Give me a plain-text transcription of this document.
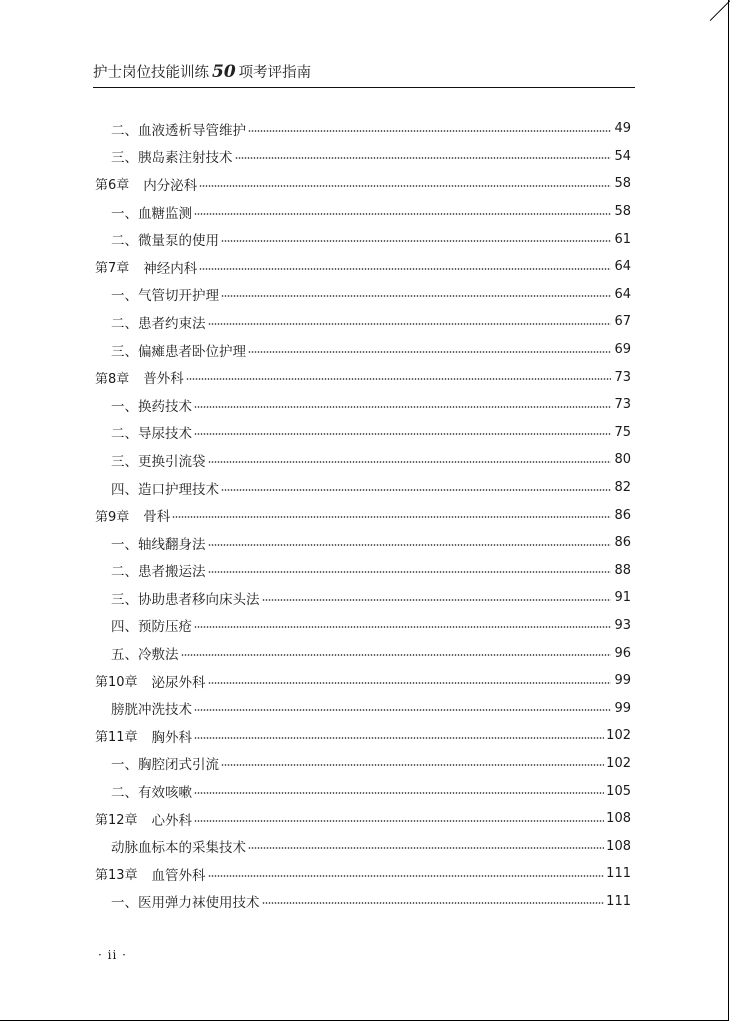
护士岗位技能训练 50 项考评指南
二、血液透析导管维护	49
三、胰岛素注射技术	54
第6章 内分泌科	58
一、血糖监测	58
二、微量泵的使用	61
第7章 神经内科	64
一、气管切开护理	64
二、患者约束法	67
三、偏瘫患者卧位护理	69
第8章 普外科	73
一、换药技术	73
二、导尿技术	75
三、更换引流袋	80
四、造口护理技术	82
第9章 骨科	86
一、轴线翻身法	86
二、患者搬运法	88
三、协助患者移向床头法	91
四、预防压疮	93
五、冷敷法	96
第10章 泌尿外科	99
膀胱冲洗技术	99
第11章 胸外科	102
一、胸腔闭式引流	102
二、有效咳嗽	105
第12章 心外科	108
动脉血标本的采集技术	108
第13章 血管外科	111
一、医用弹力袜使用技术	111
· ii ·
